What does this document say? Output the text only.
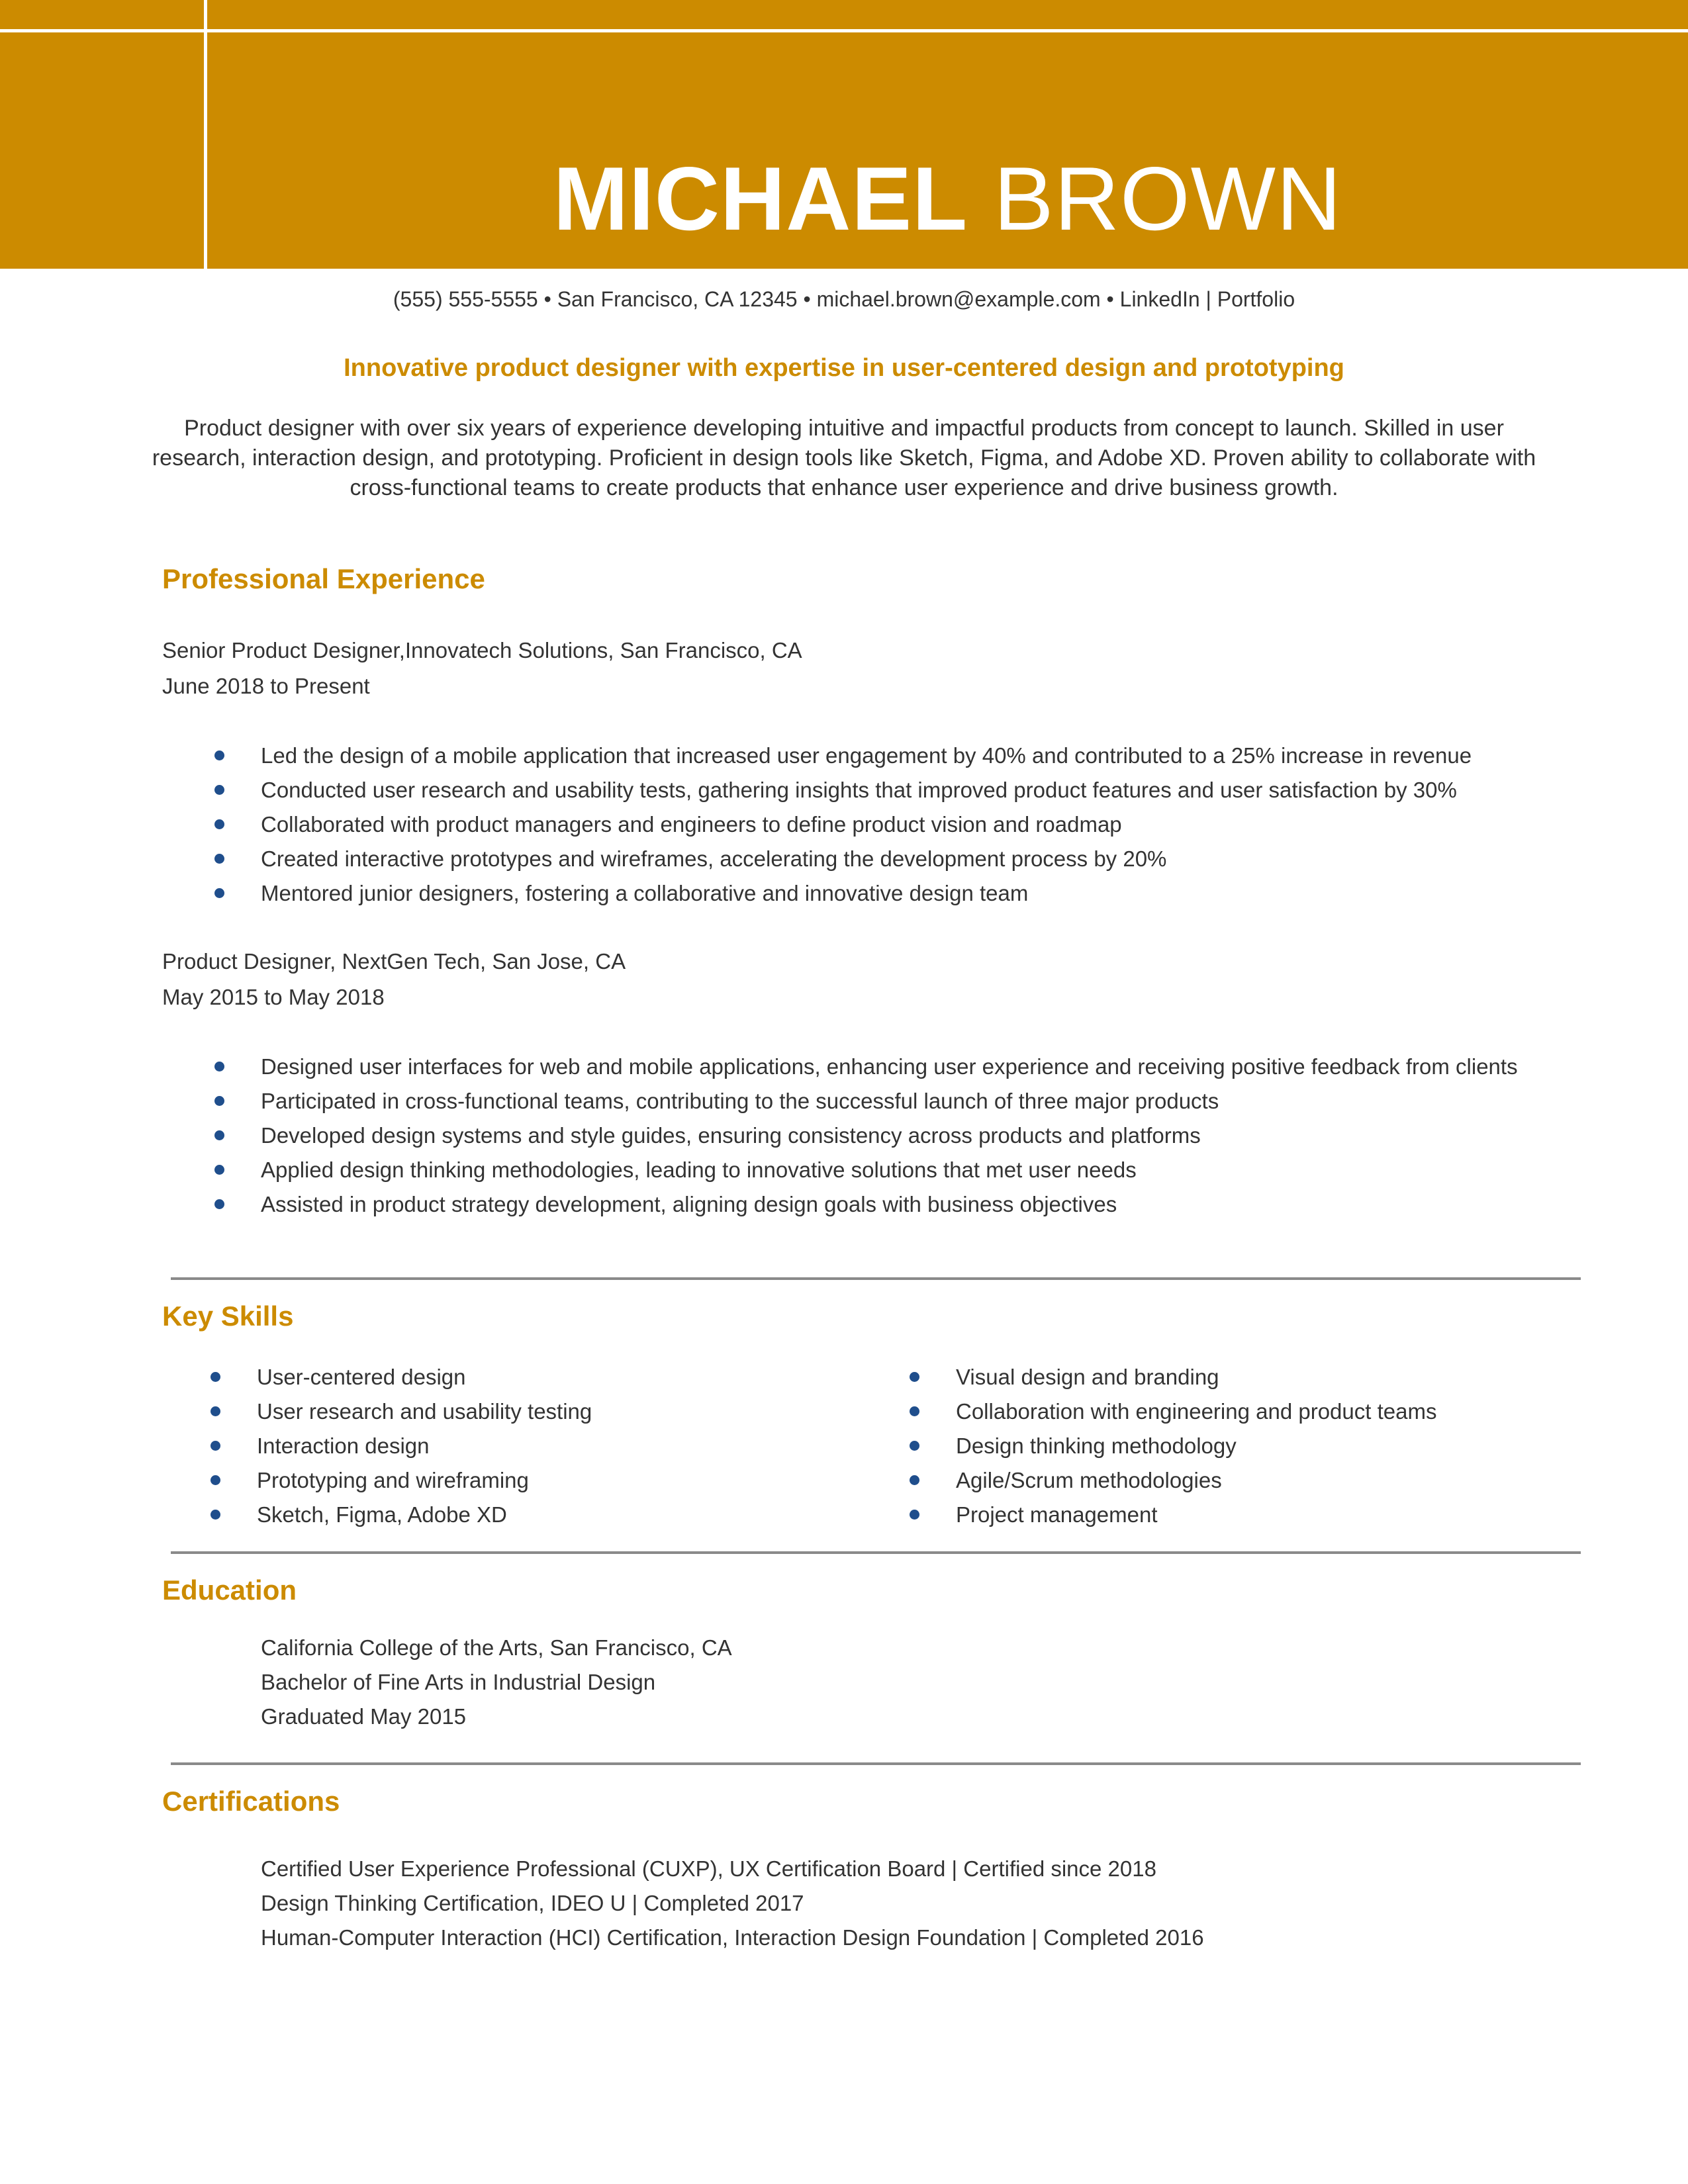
MICHAEL BROWN
(555) 555-5555 • San Francisco, CA 12345 • michael.brown@example.com • LinkedIn | Portfolio
Innovative product designer with expertise in user-centered design and prototyping
Product designer with over six years of experience developing intuitive and impactful products from concept to launch. Skilled in user research, interaction design, and prototyping. Proficient in design tools like Sketch, Figma, and Adobe XD. Proven ability to collaborate with cross-functional teams to create products that enhance user experience and drive business growth.
Professional Experience
Senior Product Designer,Innovatech Solutions, San Francisco, CA
June 2018 to Present
Led the design of a mobile application that increased user engagement by 40% and contributed to a 25% increase in revenue
Conducted user research and usability tests, gathering insights that improved product features and user satisfaction by 30%
Collaborated with product managers and engineers to define product vision and roadmap
Created interactive prototypes and wireframes, accelerating the development process by 20%
Mentored junior designers, fostering a collaborative and innovative design team
Product Designer, NextGen Tech, San Jose, CA
May 2015 to May 2018
Designed user interfaces for web and mobile applications, enhancing user experience and receiving positive feedback from clients
Participated in cross-functional teams, contributing to the successful launch of three major products
Developed design systems and style guides, ensuring consistency across products and platforms
Applied design thinking methodologies, leading to innovative solutions that met user needs
Assisted in product strategy development, aligning design goals with business objectives
Key Skills
User-centered design
User research and usability testing
Interaction design
Prototyping and wireframing
Sketch, Figma, Adobe XD
Visual design and branding
Collaboration with engineering and product teams
Design thinking methodology
Agile/Scrum methodologies
Project management
Education
California College of the Arts, San Francisco, CA
Bachelor of Fine Arts in Industrial Design
Graduated May 2015
Certifications
Certified User Experience Professional (CUXP), UX Certification Board | Certified since 2018
Design Thinking Certification, IDEO U | Completed 2017
Human-Computer Interaction (HCI) Certification, Interaction Design Foundation | Completed 2016
